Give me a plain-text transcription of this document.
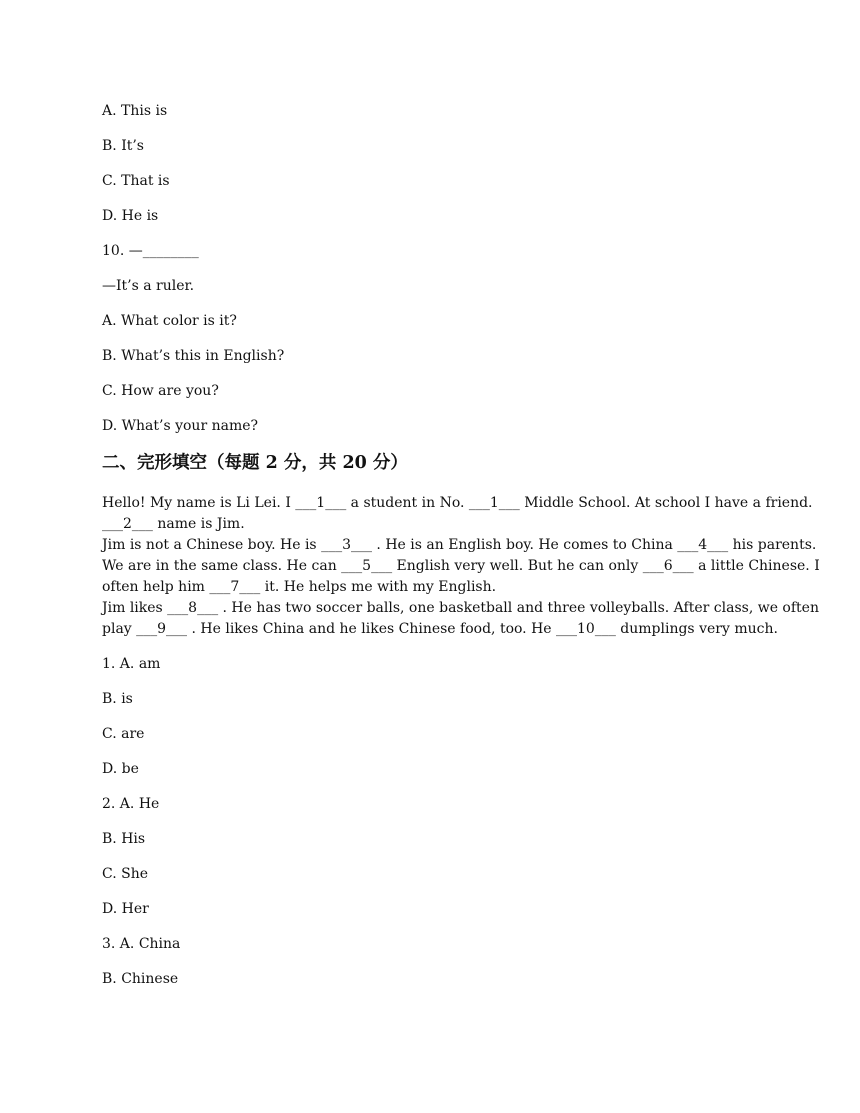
A. This is
B. It’s
C. That is
D. He is
10. —________
—It’s a ruler.
A. What color is it?
B. What’s this in English?
C. How are you?
D. What’s your name?
二、完形填空（每题 2 分，共 20 分）

Hello! My name is Li Lei. I ___1___ a student in No. ___1___ Middle School. At school I have a friend.

___2___ name is Jim.

Jim is not a Chinese boy. He is ___3___ . He is an English boy. He comes to China ___4___ his parents.

We are in the same class. He can ___5___ English very well. But he can only ___6___ a little Chinese. I

often help him ___7___ it. He helps me with my English.

Jim likes ___8___ . He has two soccer balls, one basketball and three volleyballs. After class, we often

play ___9___ . He likes China and he likes Chinese food, too. He ___10___ dumplings very much.

1. A. am
B. is
C. are
D. be
2. A. He
B. His
C. She
D. Her
3. A. China
B. Chinese
